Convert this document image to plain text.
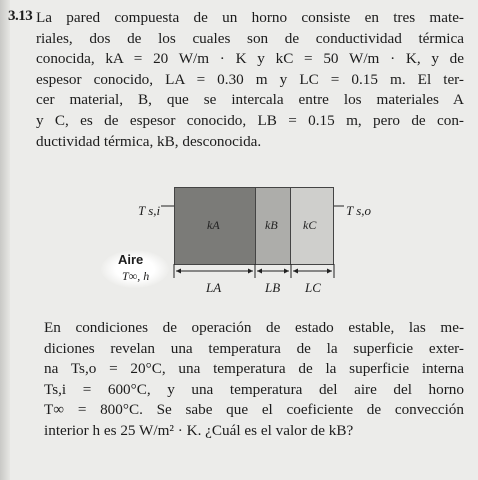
3.13 La pared compuesta de un horno consiste en tres mate-
riales, dos de los cuales son de conductividad térmica
conocida, kA = 20 W/m · K y kC = 50 W/m · K, y de
espesor conocido, LA = 0.30 m y LC = 0.15 m. El ter-
cer material, B, que se intercala entre los materiales A
y C, es de espesor conocido, LB = 0.15 m, pero de con-
ductividad térmica, kB, desconocida.
kA	kB kC
T s,i	T s,o
Aire
T∞, h
LA	LB LC
En condiciones de operación de estado estable, las me-
diciones revelan una temperatura de la superficie exter-
na Ts,o = 20°C, una temperatura de la superficie interna
Ts,i = 600°C, y una temperatura del aire del horno
T∞ = 800°C. Se sabe que el coeficiente de convección
interior h es 25 W/m² · K. ¿Cuál es el valor de kB?
